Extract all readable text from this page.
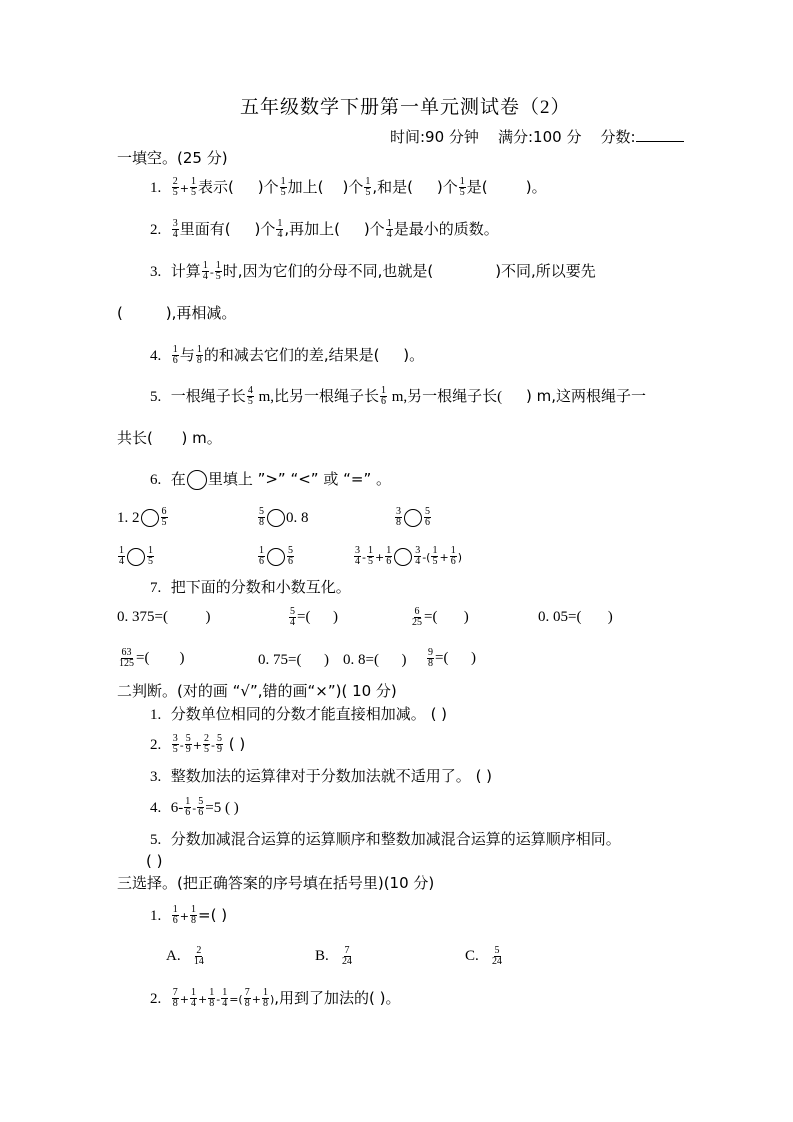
五年级数学下册第一单元测试卷（2）
时间:90 分钟 满分:100 分 分数:
一填空。(25 分)
1. $\frac{2}{5} + \frac{1}{5}$ 表示( )个 $\frac{1}{5}$ 加上( )个 $\frac{1}{5}$ ,和是( )个 $\frac{1}{5}$ 是(	)。
2. $\frac{3}{4}$ 里面有( )个 $\frac{1}{4}$ ,再加上( )个 $\frac{1}{4}$ 是最小的质数。
3. 计算 $\frac{1}{4} - \frac{1}{5}$ 时,因为它们的分母不同,也就是(	)不同,所以要先
(	),再相减。
4. $\frac{1}{6}$ 与 $\frac{1}{8}$ 的和减去它们的差,结果是( )。
5. 一根绳子长 $\frac{4}{5} m$,比另一根绳子长 $\frac{1}{6} m$,另一根绳子长( ) m,这两根绳子一
共长( ) m。
6. 在 里填上 ”>” “<” 或 “=” 。
1. $2 \frac{6}{5}$	$\frac{5}{8} 0$. 8	$\frac{3}{8} \frac{5}{6}$
$\frac{1}{4} \frac{1}{5}$	$\frac{1}{6} \frac{5}{6}$	$\frac{3}{4} - \frac{1}{5} + \frac{1}{6} \frac{3}{4}$ -( $\frac{1}{5} + \frac{1}{6}$ )
7. 把下面的分数和小数互化。
0. 375=(	)	$\frac{5}{4}$ =( )	$\frac{6}{25}$ =( )	0. 05=( )
$\frac{63}{125}$ =( )	0. 75=( ) 0. 8=( ) $\frac{9}{8}$ =( )
二判断。(对的画 “√”,错的画“×”)( 10 分)
1. 分数单位相同的分数才能直接相加减。 ( )
2. $\frac{3}{5} - \frac{5}{9} + \frac{2}{5} - \frac{5}{9}$ ( )
3. 整数加法的运算律对于分数加法就不适用了。 ( )
4. $6- \frac{1}{6} - \frac{5}{6} =5$ ( )
5. 分数加减混合运算的运算顺序和整数加减混合运算的运算顺序相同。
( )
三选择。(把正确答案的序号填在括号里)(10 分)
1. $\frac{1}{6} + \frac{1}{8}$ =( )
A. $\frac{2}{14}$	B. $\frac{7}{24}$	C. $\frac{5}{24}$
2. $\frac{7}{8} + \frac{1}{4} + \frac{1}{8} - \frac{1}{4}$ =( $\frac{7}{8} + \frac{1}{8}$ ),用到了加法的( )。
